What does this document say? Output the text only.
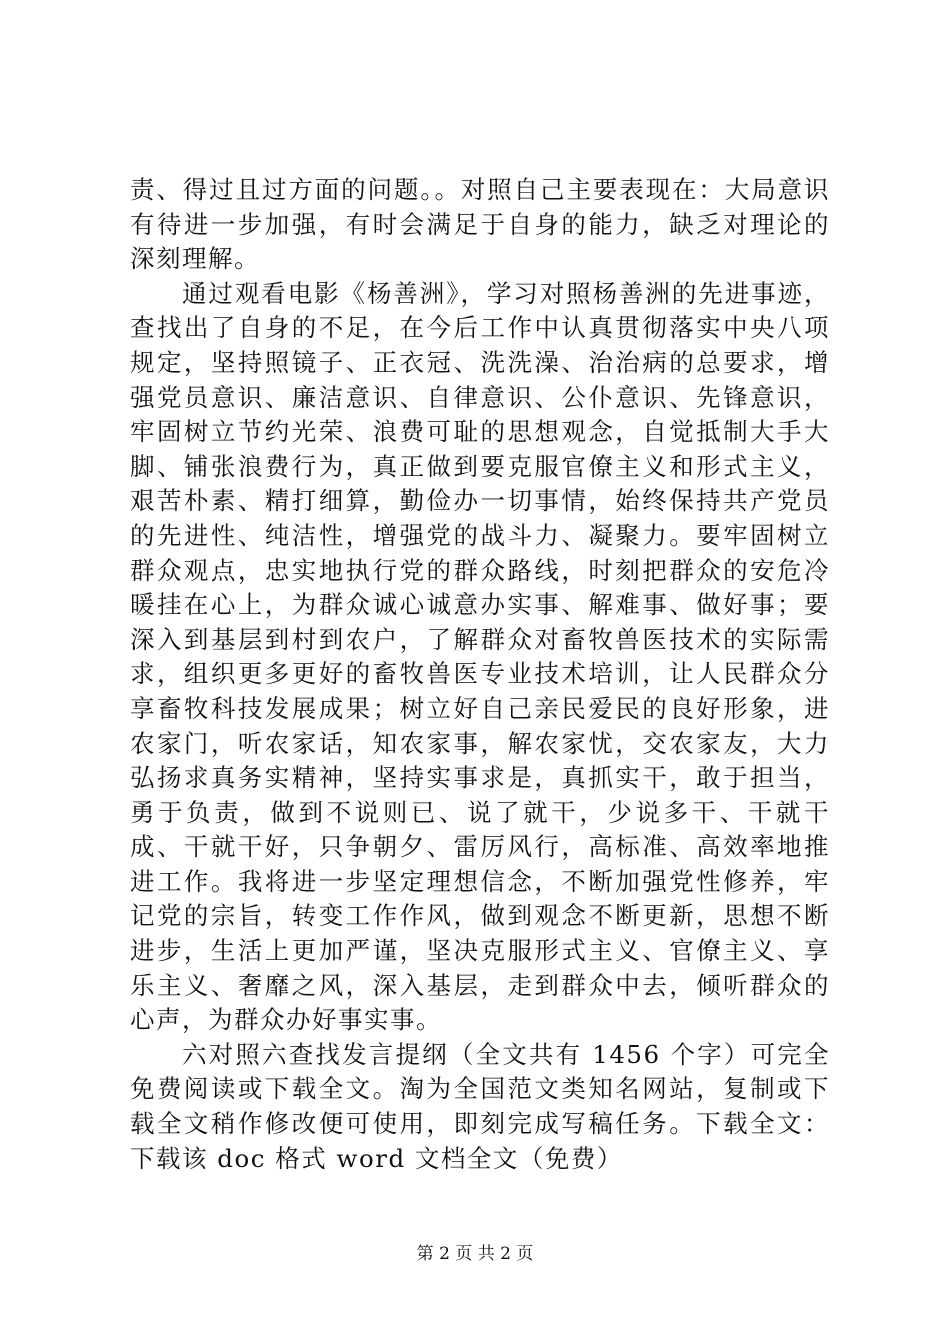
责、得过且过方面的问题。。对照自己主要表现在：大局意识有待进一步加强，有时会满足于自身的能力，缺乏对理论的深刻理解。

通过观看电影《杨善洲》，学习对照杨善洲的先进事迹，查找出了自身的不足，在今后工作中认真贯彻落实中央八项规定，坚持照镜子、正衣冠、洗洗澡、治治病的总要求，增强党员意识、廉洁意识、自律意识、公仆意识、先锋意识，牢固树立节约光荣、浪费可耻的思想观念，自觉抵制大手大脚、铺张浪费行为，真正做到要克服官僚主义和形式主义，艰苦朴素、精打细算，勤俭办一切事情，始终保持共产党员的先进性、纯洁性，增强党的战斗力、凝聚力。要牢固树立群众观点，忠实地执行党的群众路线，时刻把群众的安危冷暖挂在心上，为群众诚心诚意办实事、解难事、做好事；要深入到基层到村到农户，了解群众对畜牧兽医技术的实际需求，组织更多更好的畜牧兽医专业技术培训，让人民群众分享畜牧科技发展成果；树立好自己亲民爱民的良好形象，进农家门，听农家话，知农家事，解农家忧，交农家友，大力弘扬求真务实精神，坚持实事求是，真抓实干，敢于担当，勇于负责，做到不说则已、说了就干，少说多干、干就干成、干就干好，只争朝夕、雷厉风行，高标准、高效率地推进工作。我将进一步坚定理想信念，不断加强党性修养，牢记党的宗旨，转变工作作风，做到观念不断更新，思想不断进步，生活上更加严谨，坚决克服形式主义、官僚主义、享乐主义、奢靡之风，深入基层，走到群众中去，倾听群众的心声，为群众办好事实事。

六对照六查找发言提纲（全文共有 1456 个字）可完全免费阅读或下载全文。淘为全国范文类知名网站，复制或下载全文稍作修改便可使用，即刻完成写稿任务。下载全文：下载该 doc 格式 word 文档全文（免费）

第 2 页 共 2 页
